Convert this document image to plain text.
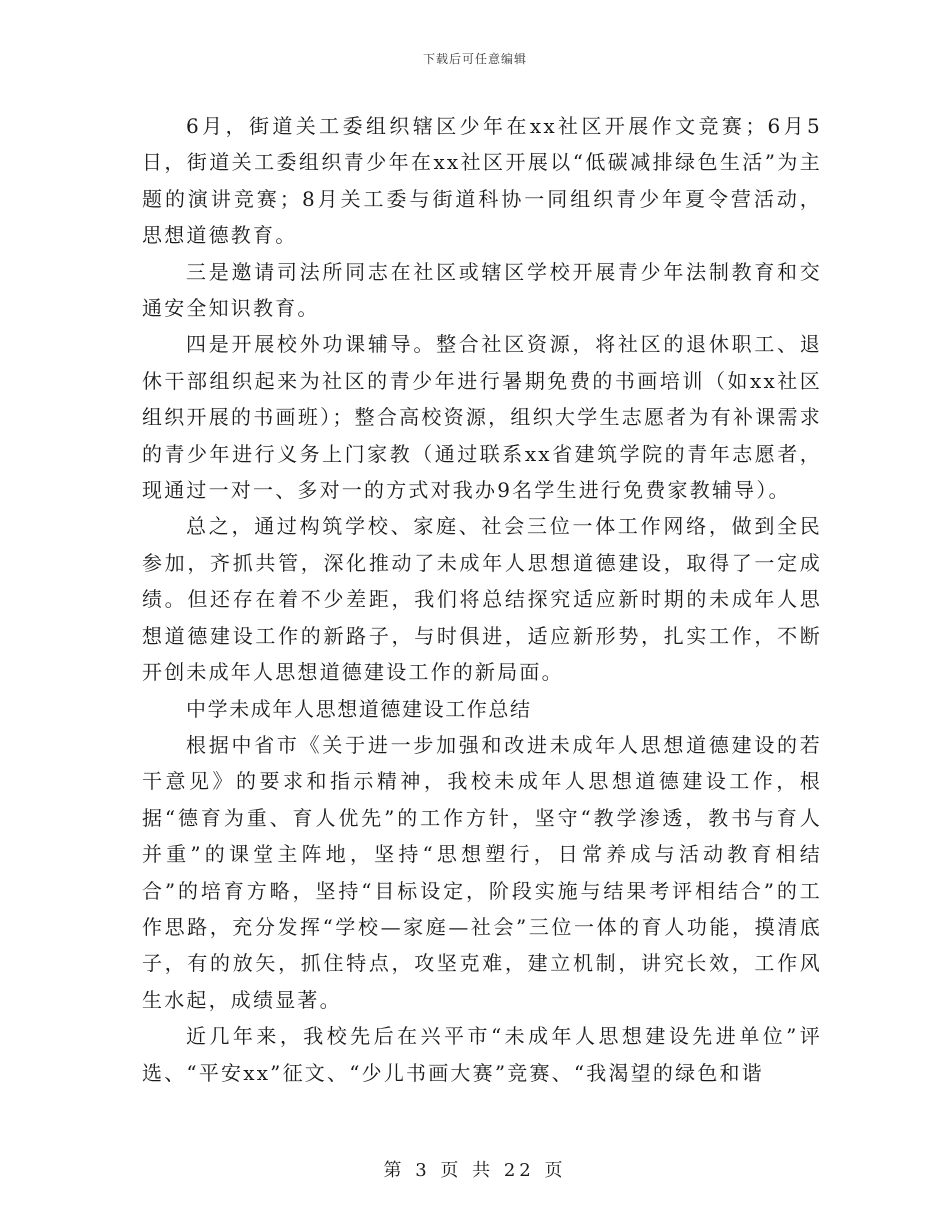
下载后可任意编辑

6月，街道关工委组织辖区少年在xx社区开展作文竞赛；6月5日，街道关工委组织青少年在xx社区开展以“低碳减排绿色生活”为主题的演讲竞赛；8月关工委与街道科协一同组织青少年夏令营活动，思想道德教育。

三是邀请司法所同志在社区或辖区学校开展青少年法制教育和交通安全知识教育。

四是开展校外功课辅导。整合社区资源，将社区的退休职工、退休干部组织起来为社区的青少年进行暑期免费的书画培训（如xx社区组织开展的书画班）；整合高校资源，组织大学生志愿者为有补课需求的青少年进行义务上门家教（通过联系xx省建筑学院的青年志愿者，现通过一对一、多对一的方式对我办9名学生进行免费家教辅导）。

总之，通过构筑学校、家庭、社会三位一体工作网络，做到全民参加，齐抓共管，深化推动了未成年人思想道德建设，取得了一定成绩。但还存在着不少差距，我们将总结探究适应新时期的未成年人思想道德建设工作的新路子，与时俱进，适应新形势，扎实工作，不断开创未成年人思想道德建设工作的新局面。

中学未成年人思想道德建设工作总结

根据中省市《关于进一步加强和改进未成年人思想道德建设的若干意见》的要求和指示精神，我校未成年人思想道德建设工作，根据“德育为重、育人优先”的工作方针，坚守“教学渗透，教书与育人并重”的课堂主阵地，坚持“思想塑行，日常养成与活动教育相结合”的培育方略，坚持“目标设定，阶段实施与结果考评相结合”的工作思路，充分发挥“学校—家庭—社会”三位一体的育人功能，摸清底子，有的放矢，抓住特点，攻坚克难，建立机制，讲究长效，工作风生水起，成绩显著。

近几年来，我校先后在兴平市“未成年人思想建设先进单位”评选、“平安xx”征文、“少儿书画大赛”竞赛、“我渴望的绿色和谐

第 3 页 共 22 页
